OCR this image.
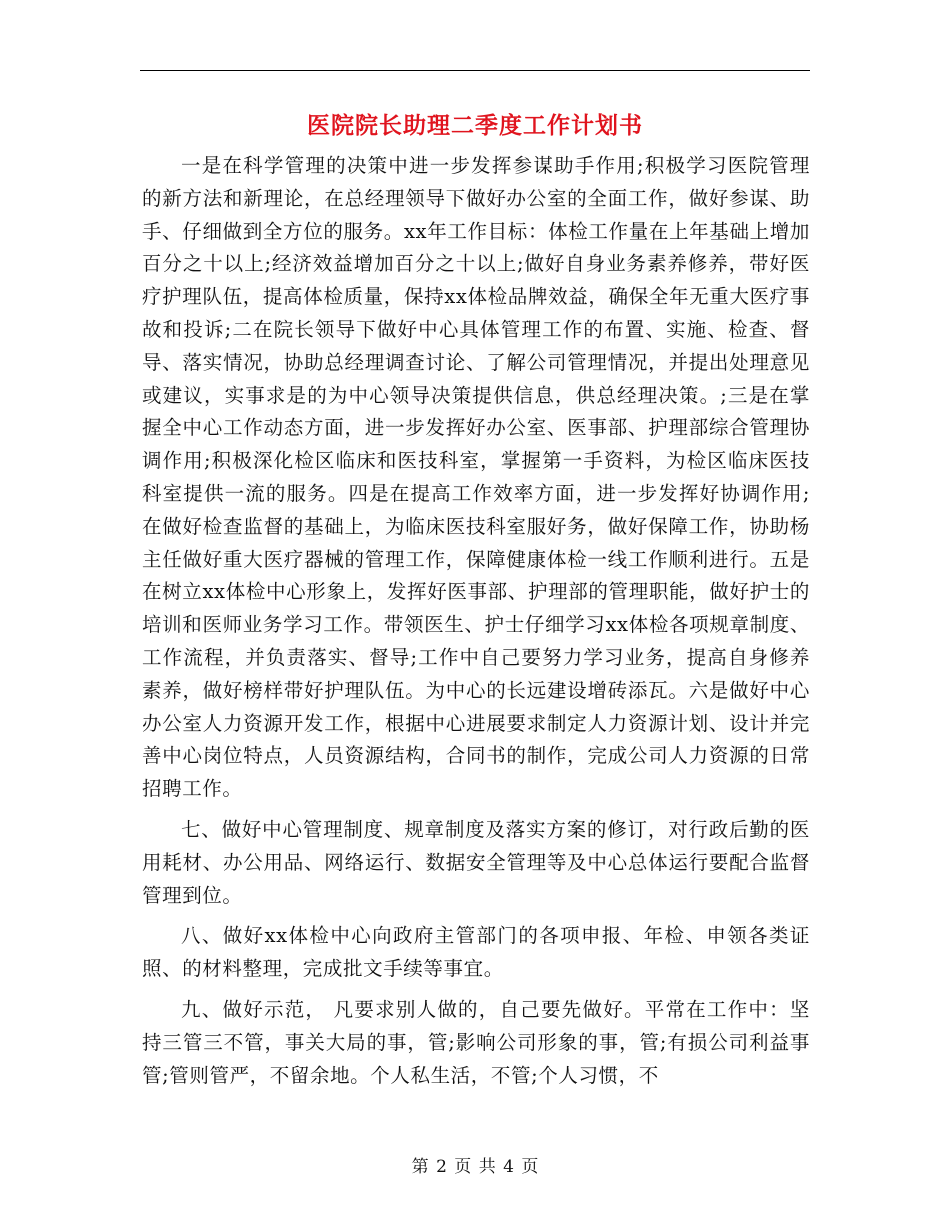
医院院长助理二季度工作计划书

一是在科学管理的决策中进一步发挥参谋助手作用;积极学习医院管理的新方法和新理论，在总经理领导下做好办公室的全面工作，做好参谋、助手、仔细做到全方位的服务。xx年工作目标：体检工作量在上年基础上增加百分之十以上;经济效益增加百分之十以上;做好自身业务素养修养，带好医疗护理队伍，提高体检质量，保持xx体检品牌效益，确保全年无重大医疗事故和投诉;二在院长领导下做好中心具体管理工作的布置、实施、检查、督导、落实情况，协助总经理调查讨论、了解公司管理情况，并提出处理意见或建议，实事求是的为中心领导决策提供信息，供总经理决策。;三是在掌握全中心工作动态方面，进一步发挥好办公室、医事部、护理部综合管理协调作用;积极深化检区临床和医技科室，掌握第一手资料，为检区临床医技科室提供一流的服务。四是在提高工作效率方面，进一步发挥好协调作用;在做好检查监督的基础上，为临床医技科室服好务，做好保障工作，协助杨主任做好重大医疗器械的管理工作，保障健康体检一线工作顺利进行。五是在树立xx体检中心形象上，发挥好医事部、护理部的管理职能，做好护士的培训和医师业务学习工作。带领医生、护士仔细学习xx体检各项规章制度、工作流程，并负责落实、督导;工作中自己要努力学习业务，提高自身修养素养，做好榜样带好护理队伍。为中心的长远建设增砖添瓦。六是做好中心办公室人力资源开发工作，根据中心进展要求制定人力资源计划、设计并完善中心岗位特点，人员资源结构，合同书的制作，完成公司人力资源的日常招聘工作。

七、做好中心管理制度、规章制度及落实方案的修订，对行政后勤的医用耗材、办公用品、网络运行、数据安全管理等及中心总体运行要配合监督管理到位。

八、做好xx体检中心向政府主管部门的各项申报、年检、申领各类证照、的材料整理，完成批文手续等事宜。

九、做好示范， 凡要求别人做的，自己要先做好。平常在工作中：坚持三管三不管，事关大局的事，管;影响公司形象的事，管;有损公司利益事管;管则管严，不留余地。个人私生活，不管;个人习惯，不

第 2 页 共 4 页
